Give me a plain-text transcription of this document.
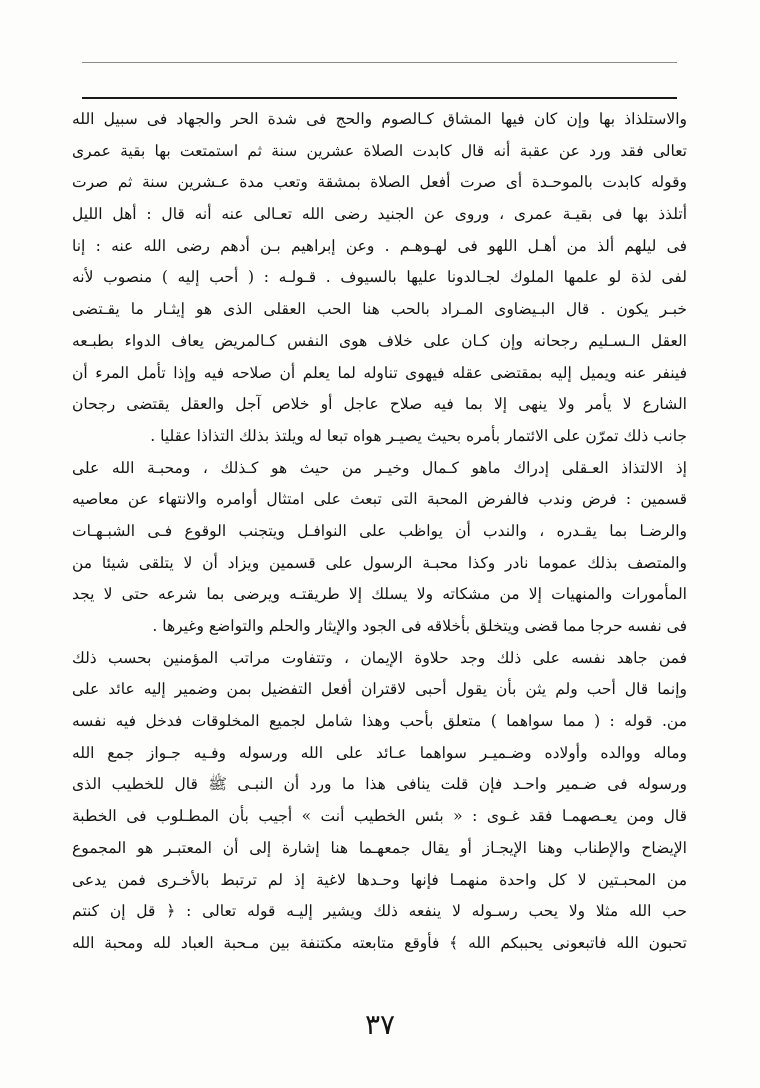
والاستلذاذ بها وإن كان فيها المشاق كـالصوم والحج فى شدة الحر والجهاد فى سبيل الله
تعالى فقد ورد عن عقبة أنه قال كابدت الصلاة عشرين سنة ثم استمتعت بها بقية عمرى
وقوله كابدت بالموحـدة أى صرت أفعل الصلاة بمشقة وتعب مدة عـشرين سنة ثم صرت
أتلذذ بها فى بقيـة عمرى ، وروى عن الجنيد رضى الله تعـالى عنه أنه قال : أهل الليل
فى ليلهم ألذ من أهـل اللهو فى لهـوهـم . وعن إبراهيم بـن أدهم رضى الله عنه : إنا
لفى لذة لو علمها الملوك لجـالدونا عليها بالسيوف . قـولـه : ( أحب إليه ) منصوب لأنه
خبـر يكون . قال البـيضاوى المـراد بالحب هنا الحب العقلى الذى هو إيثـار ما يقـتضى
العقل الـسـليم رجحانه وإن كـان على خلاف هوى النفس كـالمريض يعاف الدواء بطبـعه
فينفر عنه ويميل إليه بمقتضى عقله فيهوى تناوله لما يعلم أن صلاحه فيه وإذا تأمل المرء أن
الشارع لا يأمر ولا ينهى إلا بما فيه صلاح عاجل أو خلاص آجل والعقل يقتضى رجحان
جانب ذلك تمرّن على الائتمار بأمره بحيث يصيـر هواه تبعا له ويلتذ بذلك التذاذا عقليا .
إذ الالتذاذ العـقلى إدراك ماهو كـمال وخيـر من حيث هو كـذلك ، ومحبـة الله على
قسمين : فرض وندب فالفرض المحبة التى تبعث على امتثال أوامره والانتهاء عن معاصيه
والرضـا بما يقـدره ، والندب أن يواظب على النوافـل ويتجنب الوقوع فـى الشبـهـات
والمتصف بذلك عموما نادر وكذا محبـة الرسول على قسمين ويزاد أن لا يتلقى شيئا من
المأمورات والمنهيات إلا من مشكاته ولا يسلك إلا طريقتـه ويرضى بما شرعه حتى لا يجد
فى نفسه حرجا مما قضى ويتخلق بأخلاقه فى الجود والإيثار والحلم والتواضع وغيرها .
فمن جاهد نفسه على ذلك وجد حلاوة الإيمان ، وتتفاوت مراتب المؤمنين بحسب ذلك
وإنما قال أحب ولم يثن بأن يقول أحبى لاقتران أفعل التفضيل بمن وضمير إليه عائد على
من. قوله : ( مما سواهما ) متعلق بأحب وهذا شامل لجميع المخلوقات فدخل فيه نفسه
وماله ووالده وأولاده وضـميـر سواهما عـائد على الله ورسوله وفـيه جـواز جمع الله
ورسوله فى ضـمير واحـد فإن قلت ينافى هذا ما ورد أن النبـى ﷺ قال للخطيب الذى
قال ومن يعـصهمـا فقد غـوى : « بئس الخطيب أنت » أجيب بأن المطـلوب فى الخطبة
الإيضاح والإطناب وهنا الإيجـاز أو يقال جمعهـما هنا إشارة إلى أن المعتبـر هو المجموع
من المحبـتين لا كل واحدة منهمـا فإنها وحـدها لاغية إذ لم ترتبط بالأخـرى فمن يدعى
حب الله مثلا ولا يحب رسـوله لا ينفعه ذلك ويشير إليـه قوله تعالى : ﴿ قل إن كنتم
تحبون الله فاتبعونى يحببكم الله ﴾ فأوقع متابعته مكتنفة بين مـحبة العباد لله ومحبة الله
٣٧
